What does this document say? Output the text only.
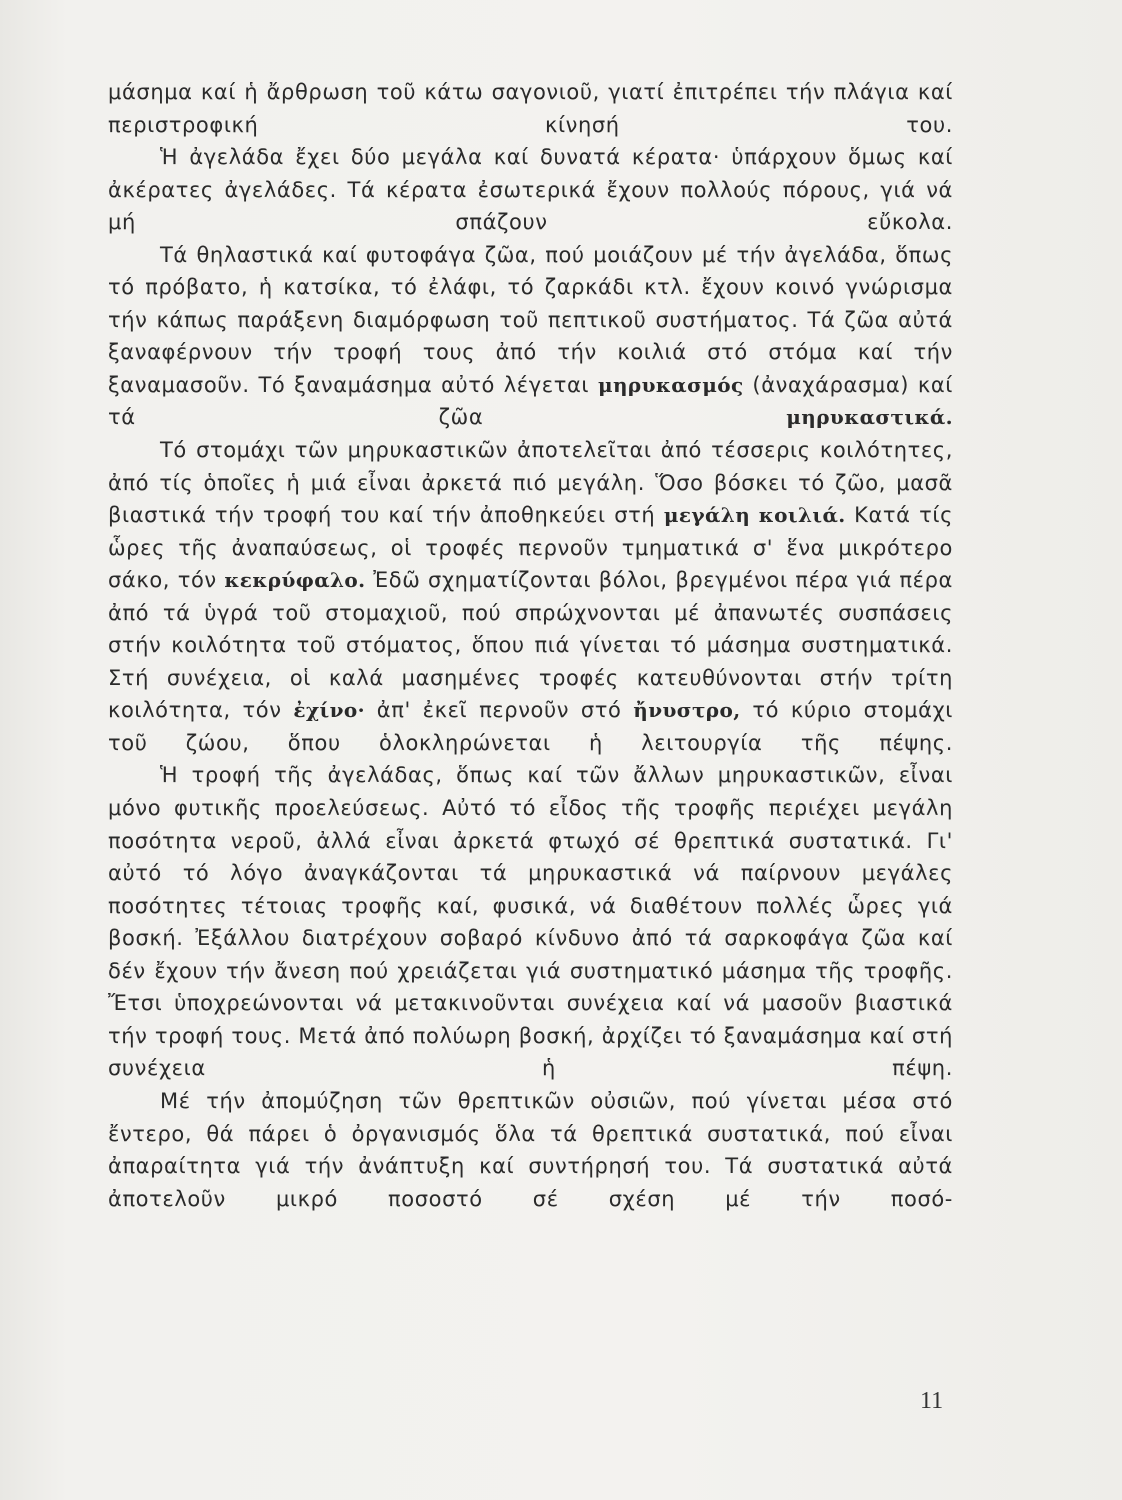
μάσημα καί ἡ ἄρθρωση τοῦ κάτω σαγονιοῦ, γιατί ἐπιτρέπει τήν πλάγια καί περιστροφική κίνησή του.

Ἡ ἀγελάδα ἔχει δύο μεγάλα καί δυνατά κέρατα· ὑπάρχουν ὅμως καί ἀκέρατες ἀγελάδες. Τά κέρατα ἐσωτερικά ἔχουν πολλούς πόρους, γιά νά μή σπάζουν εὔκολα.

Τά θηλαστικά καί φυτοφάγα ζῶα, πού μοιάζουν μέ τήν ἀγελάδα, ὅπως τό πρόβατο, ἡ κατσίκα, τό ἐλάφι, τό ζαρκάδι κτλ. ἔχουν κοινό γνώρισμα τήν κάπως παράξενη διαμόρφωση τοῦ πεπτικοῦ συστήματος. Τά ζῶα αὐτά ξαναφέρνουν τήν τροφή τους ἀπό τήν κοιλιά στό στόμα καί τήν ξαναμασοῦν. Τό ξαναμάσημα αὐτό λέγεται μηρυκασμός (ἀναχάρασμα) καί τά ζῶα μηρυκαστικά.

Τό στομάχι τῶν μηρυκαστικῶν ἀποτελεῖται ἀπό τέσσερις κοιλότητες, ἀπό τίς ὁποῖες ἡ μιά εἶναι ἀρκετά πιό μεγάλη. Ὅσο βόσκει τό ζῶο, μασᾶ βιαστικά τήν τροφή του καί τήν ἀποθηκεύει στή μεγάλη κοιλιά. Κατά τίς ὧρες τῆς ἀναπαύσεως, οἱ τροφές περνοῦν τμηματικά σ' ἕνα μικρότερο σάκο, τόν κεκρύφαλο. Ἐδῶ σχηματίζονται βόλοι, βρεγμένοι πέρα γιά πέρα ἀπό τά ὑγρά τοῦ στομαχιοῦ, πού σπρώχνονται μέ ἀπανωτές συσπάσεις στήν κοιλότητα τοῦ στόματος, ὅπου πιά γίνεται τό μάσημα συστηματικά. Στή συνέχεια, οἱ καλά μασημένες τροφές κατευθύνονται στήν τρίτη κοιλότητα, τόν ἐχίνο· ἀπ' ἐκεῖ περνοῦν στό ἤνυστρο, τό κύριο στομάχι τοῦ ζώου, ὅπου ὁλοκληρώνεται ἡ λειτουργία τῆς πέψης.

Ἡ τροφή τῆς ἀγελάδας, ὅπως καί τῶν ἄλλων μηρυκαστικῶν, εἶναι μόνο φυτικῆς προελεύσεως. Αὐτό τό εἶδος τῆς τροφῆς περιέχει μεγάλη ποσότητα νεροῦ, ἀλλά εἶναι ἀρκετά φτωχό σέ θρεπτικά συστατικά. Γι' αὐτό τό λόγο ἀναγκάζονται τά μηρυκαστικά νά παίρνουν μεγάλες ποσότητες τέτοιας τροφῆς καί, φυσικά, νά διαθέτουν πολλές ὧρες γιά βοσκή. Ἐξάλλου διατρέχουν σοβαρό κίνδυνο ἀπό τά σαρκοφάγα ζῶα καί δέν ἔχουν τήν ἄνεση πού χρειάζεται γιά συστηματικό μάσημα τῆς τροφῆς. Ἔτσι ὑποχρεώνονται νά μετακινοῦνται συνέχεια καί νά μασοῦν βιαστικά τήν τροφή τους. Μετά ἀπό πολύωρη βοσκή, ἀρχίζει τό ξαναμάσημα καί στή συνέχεια ἡ πέψη.

Μέ τήν ἀπομύζηση τῶν θρεπτικῶν οὐσιῶν, πού γίνεται μέσα στό ἔντερο, θά πάρει ὁ ὀργανισμός ὅλα τά θρεπτικά συστατικά, πού εἶναι ἀπαραίτητα γιά τήν ἀνάπτυξη καί συντήρησή του. Τά συστατικά αὐτά ἀποτελοῦν μικρό ποσοστό σέ σχέση μέ τήν ποσό-

11
